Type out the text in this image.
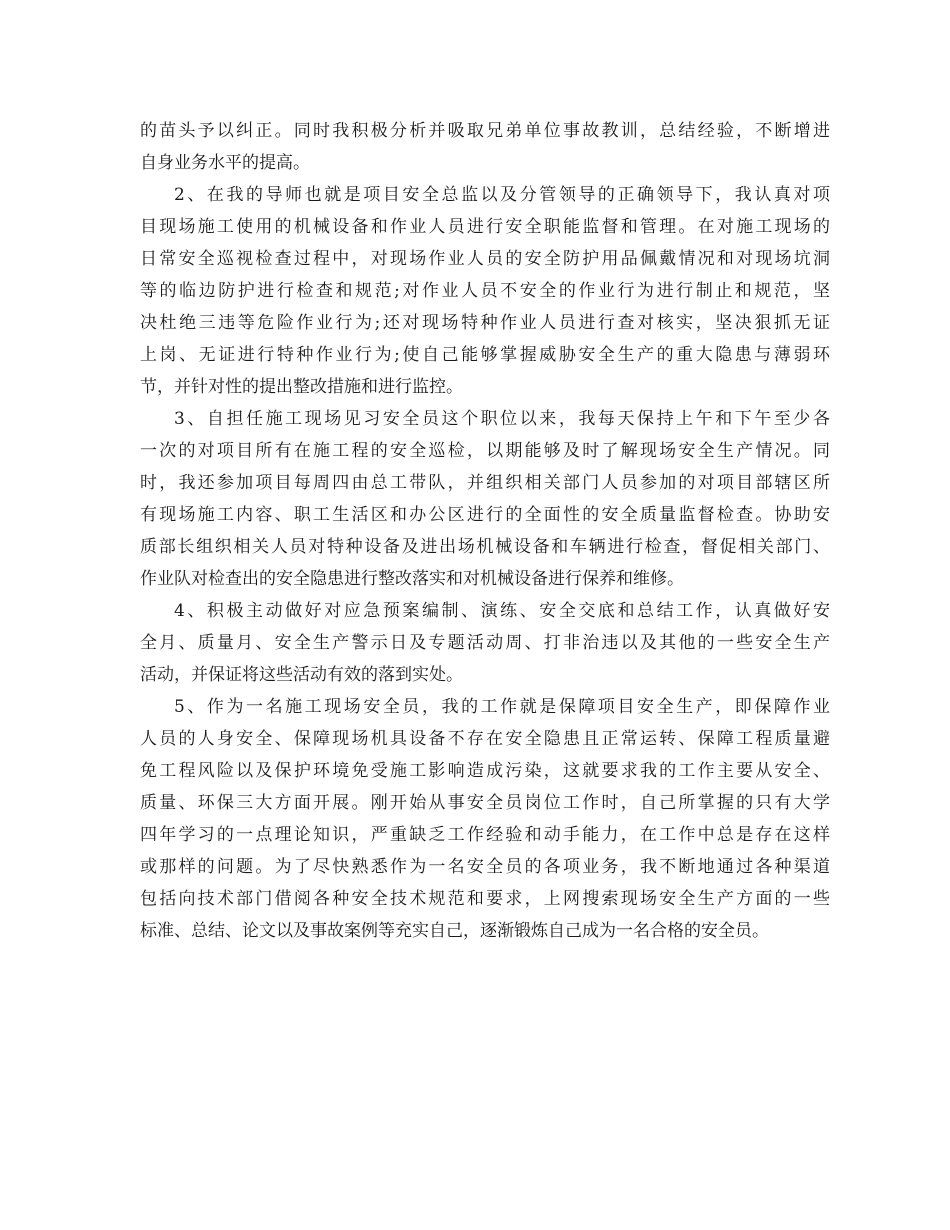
的苗头予以纠正。同时我积极分析并吸取兄弟单位事故教训，总结经验，不断增进
自身业务水平的提高。
2、在我的导师也就是项目安全总监以及分管领导的正确领导下，我认真对项
目现场施工使用的机械设备和作业人员进行安全职能监督和管理。在对施工现场的
日常安全巡视检查过程中，对现场作业人员的安全防护用品佩戴情况和对现场坑洞
等的临边防护进行检查和规范;对作业人员不安全的作业行为进行制止和规范，坚
决杜绝三违等危险作业行为;还对现场特种作业人员进行查对核实，坚决狠抓无证
上岗、无证进行特种作业行为;使自己能够掌握威胁安全生产的重大隐患与薄弱环
节，并针对性的提出整改措施和进行监控。
3、自担任施工现场见习安全员这个职位以来，我每天保持上午和下午至少各
一次的对项目所有在施工程的安全巡检，以期能够及时了解现场安全生产情况。同
时，我还参加项目每周四由总工带队，并组织相关部门人员参加的对项目部辖区所
有现场施工内容、职工生活区和办公区进行的全面性的安全质量监督检查。协助安
质部长组织相关人员对特种设备及进出场机械设备和车辆进行检查，督促相关部门、
作业队对检查出的安全隐患进行整改落实和对机械设备进行保养和维修。
4、积极主动做好对应急预案编制、演练、安全交底和总结工作，认真做好安
全月、质量月、安全生产警示日及专题活动周、打非治违以及其他的一些安全生产
活动，并保证将这些活动有效的落到实处。
5、作为一名施工现场安全员，我的工作就是保障项目安全生产，即保障作业
人员的人身安全、保障现场机具设备不存在安全隐患且正常运转、保障工程质量避
免工程风险以及保护环境免受施工影响造成污染，这就要求我的工作主要从安全、
质量、环保三大方面开展。刚开始从事安全员岗位工作时，自己所掌握的只有大学
四年学习的一点理论知识，严重缺乏工作经验和动手能力，在工作中总是存在这样
或那样的问题。为了尽快熟悉作为一名安全员的各项业务，我不断地通过各种渠道
包括向技术部门借阅各种安全技术规范和要求，上网搜索现场安全生产方面的一些
标准、总结、论文以及事故案例等充实自己，逐渐锻炼自己成为一名合格的安全员。
